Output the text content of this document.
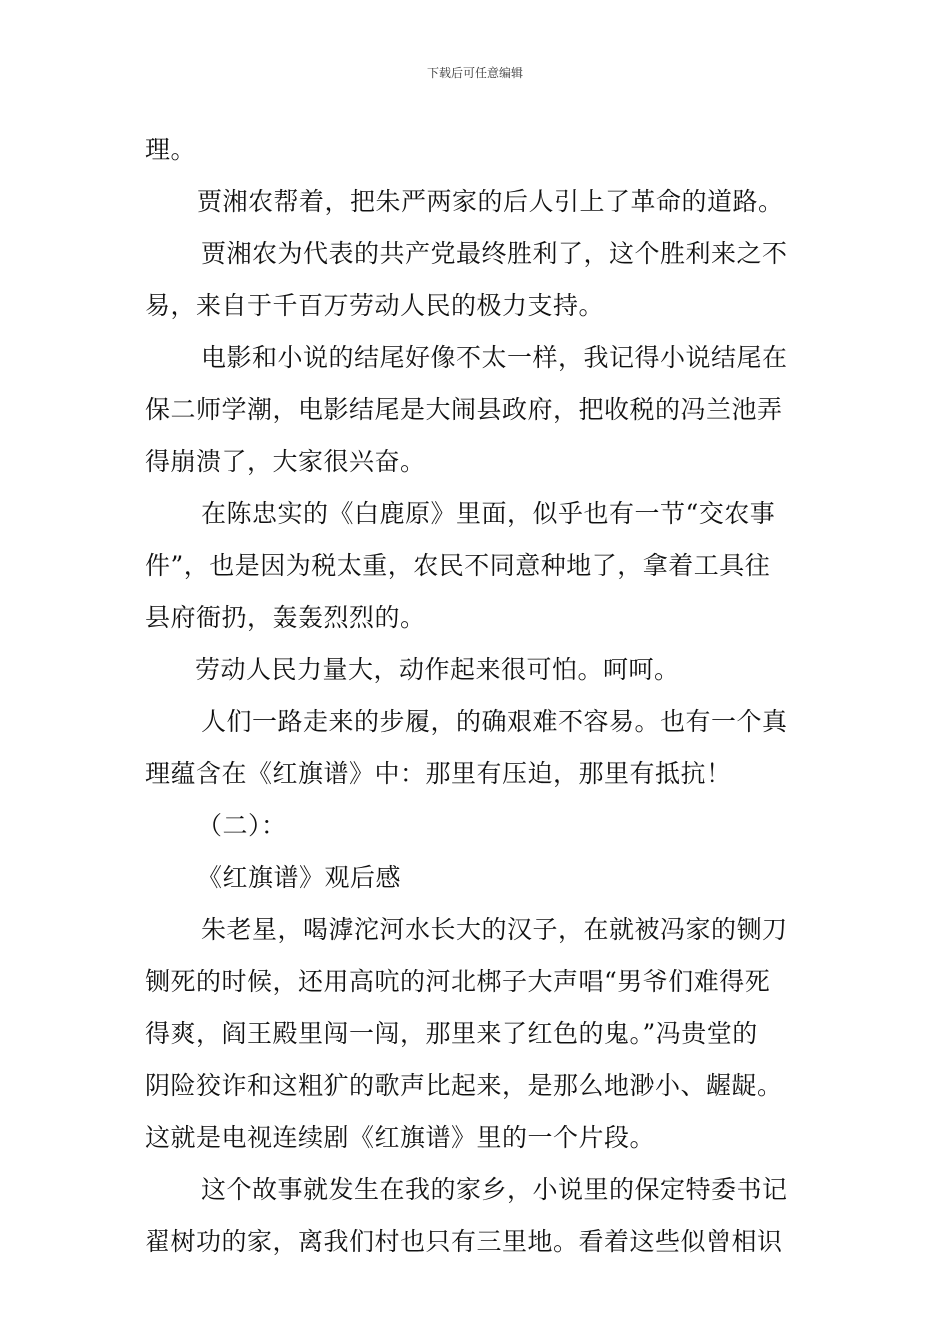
下载后可任意编辑
理。
贾湘农帮着，把朱严两家的后人引上了革命的道路。
贾湘农为代表的共产党最终胜利了，这个胜利来之不
易，来自于千百万劳动人民的极力支持。
电影和小说的结尾好像不太一样，我记得小说结尾在
保二师学潮，电影结尾是大闹县政府，把收税的冯兰池弄
得崩溃了，大家很兴奋。
在陈忠实的《白鹿原》里面，似乎也有一节“交农事
件”，也是因为税太重，农民不同意种地了，拿着工具往
县府衙扔，轰轰烈烈的。
劳动人民力量大，动作起来很可怕。呵呵。
人们一路走来的步履，的确艰难不容易。也有一个真
理蕴含在《红旗谱》中：那里有压迫，那里有抵抗！
（二）：
《红旗谱》观后感
朱老星，喝滹沱河水长大的汉子，在就被冯家的铡刀
铡死的时候，还用高吭的河北梆子大声唱“男爷们难得死
得爽，阎王殿里闯一闯，那里来了红色的鬼。”冯贵堂的
阴险狡诈和这粗犷的歌声比起来，是那么地渺小、龌龊。
这就是电视连续剧《红旗谱》里的一个片段。
这个故事就发生在我的家乡，小说里的保定特委书记
翟树功的家，离我们村也只有三里地。看着这些似曾相识
